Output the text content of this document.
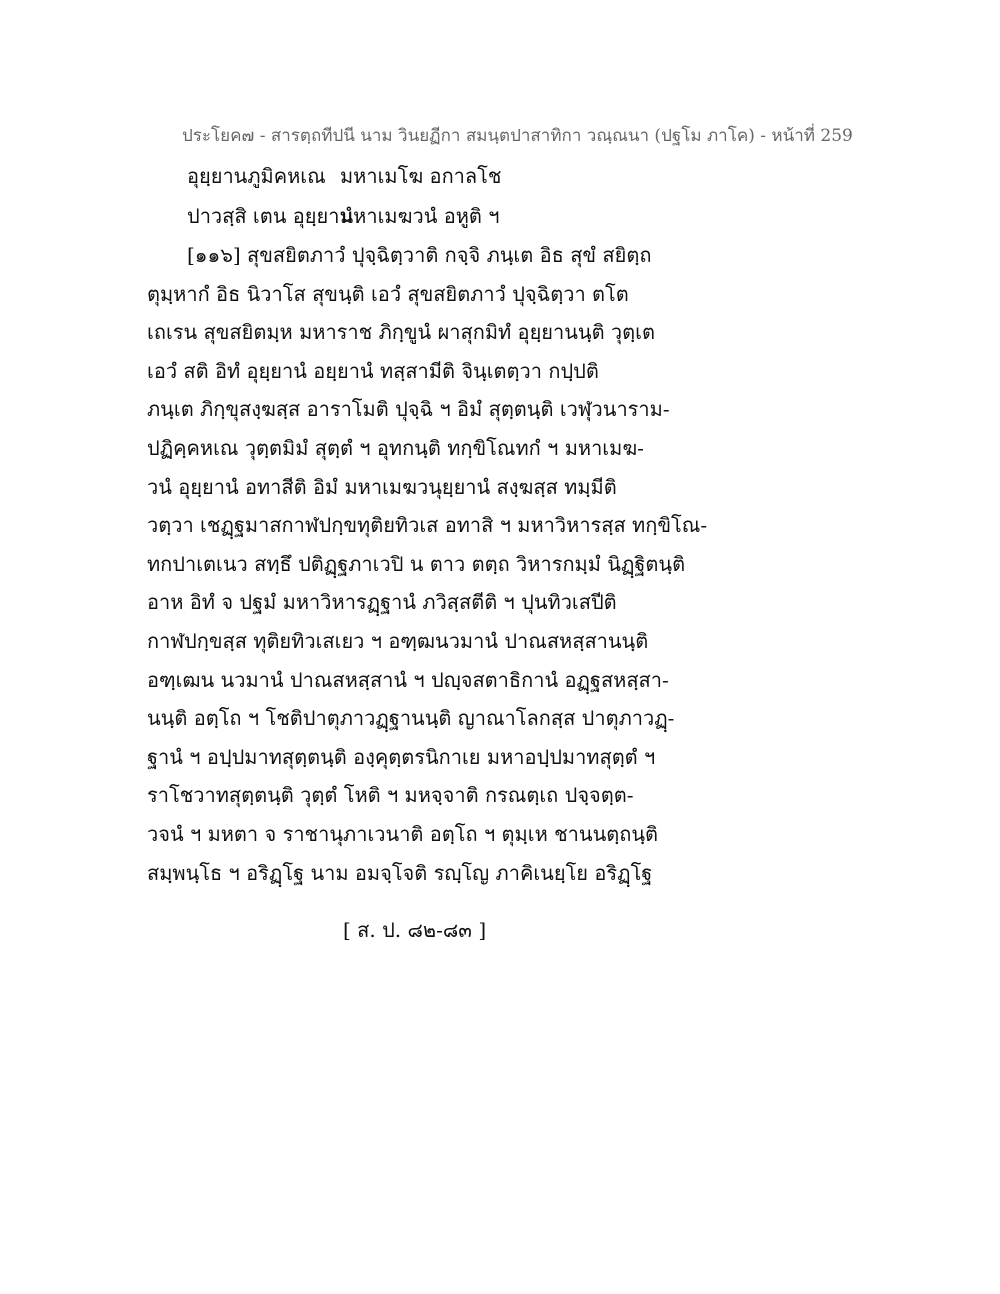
ประโยค๗ - สารตฺถทีปนี นาม วินยฏีกา สมนฺตปาสาทิกา วณฺณนา (ปฐโม ภาโค) - หน้าที่ 259
อุยฺยานภูมิคหเณ มหาเมโฆ อกาลโช
ปาวสฺสิ เตน อุยฺยานํ
มหาเมฆวนํ อหูติ ฯ
[๑๑๖] สุขสยิตภาวํ ปุจฺฉิตฺวาติ กจฺจิ ภนฺเต อิธ สุขํ สยิตฺถ
ตุมฺหากํ อิธ นิวาโส สุขนฺติ เอวํ สุขสยิตภาวํ ปุจฺฉิตฺวา ตโต
เถเรน สุขสยิตมฺห มหาราช ภิกฺขูนํ ผาสุกมิทํ อุยฺยานนฺติ วุตฺเต
เอวํ สติ อิทํ อุยฺยานํ อยฺยานํ ทสฺสามีติ จินฺเตตฺวา กปฺปติ
ภนฺเต ภิกฺขุสงฺฆสฺส อาราโมติ ปุจฺฉิ ฯ อิมํ สุตฺตนฺติ เวฬุวนาราม-
ปฏิคฺคหเณ วุตฺตมิมํ สุตฺตํ ฯ อุทกนฺติ ทกฺขิโณทกํ ฯ มหาเมฆ-
วนํ อุยฺยานํ อทาสีติ อิมํ มหาเมฆวนุยฺยานํ สงฺฆสฺส ทมฺมีติ
วตฺวา เชฏฺฐมาสกาฬปกฺขทุติยทิวเส อทาสิ ฯ มหาวิหารสฺส ทกฺขิโณ-
ทกปาเตเนว สทฺธึ ปติฏฺฐภาเวปิ น ตาว ตตฺถ วิหารกมฺมํ นิฏฺฐิตนฺติ
อาห อิทํ จ ปฐมํ มหาวิหารฏฺฐานํ ภวิสฺสตีติ ฯ ปุนทิวเสปีติ
กาฬปกฺขสฺส ทุติยทิวเสเยว ฯ อฑฺฒนวมานํ ปาณสหสฺสานนฺติ
อฑฺเฒน นวมานํ ปาณสหสฺสานํ ฯ ปญฺจสตาธิกานํ อฏฺฐสหสฺสา-
นนฺติ อตฺโถ ฯ โชติปาตุภาวฏฺฐานนฺติ ญาณาโลกสฺส ปาตุภาวฏฺ-
ฐานํ ฯ อปฺปมาทสุตฺตนฺติ องฺคุตฺตรนิกาเย มหาอปฺปมาทสุตฺตํ ฯ
ราโชวาทสุตฺตนฺติ วุตฺตํ โหติ ฯ มหจฺจาติ กรณตฺเถ ปจฺจตฺต-
วจนํ ฯ มหตา จ ราชานุภาเวนาติ อตฺโถ ฯ ตุมฺเห ชานนตฺถนฺติ
สมฺพนฺโธ ฯ อริฏฺโฐ นาม อมจฺโจติ รญฺโญ ภาคิเนยฺโย อริฏฺโฐ
[ ส. ป. ๘๒-๘๓ ]
